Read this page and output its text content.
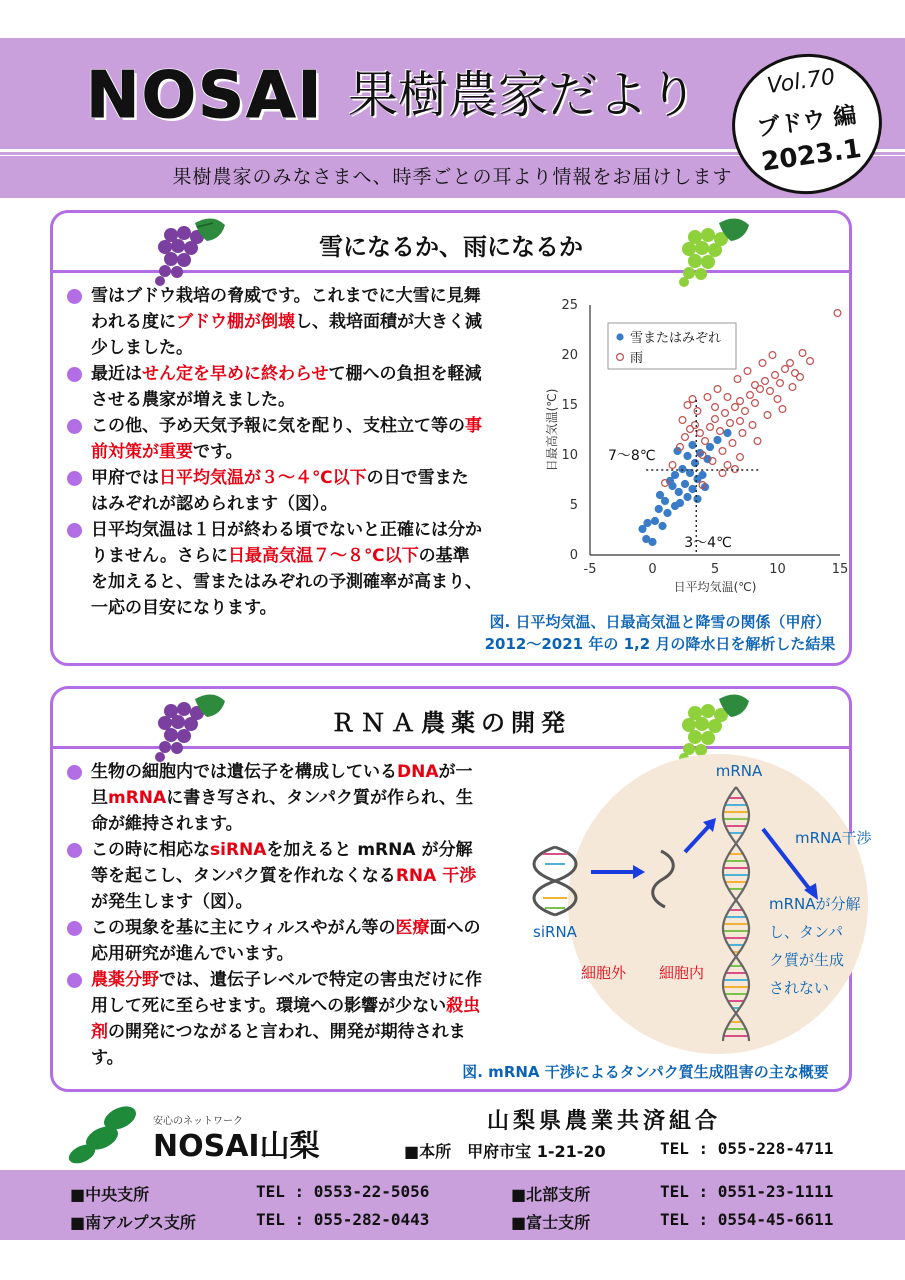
NOSAI 果樹農家だより
果樹農家のみなさまへ、時季ごとの耳より情報をお届けします
Vol.70
ブドウ 編
2023.1
雪になるか、雨になるか
雪はブドウ栽培の脅威です。これまでに大雪に見舞われる度にブドウ棚が倒壊し、栽培面積が大きく減少しました。
最近はせん定を早めに終わらせて棚への負担を軽減させる農家が増えました。
この他、予め天気予報に気を配り、支柱立て等の事前対策が重要です。
甲府では日平均気温が３～４℃以下の日で雪またはみぞれが認められます（図）。
日平均気温は１日が終わる頃でないと正確には分かりません。さらに日最高気温７～８℃以下の基準を加えると、雪またはみぞれの予測確率が高まり、一応の目安になります。
-5	0	5	10	15
0
5
10
15
20
25
日平均気温(℃)
日最高気温(℃)	7～8℃
3～4℃
雪またはみぞれ
雨
図. 日平均気温、日最高気温と降雪の関係（甲府）
2012～2021 年の 1,2 月の降水日を解析した結果
ＲＮＡ農薬の開発
生物の細胞内では遺伝子を構成しているDNAが一旦mRNAに書き写され、タンパク質が作られ、生命が維持されます。
この時に相応なsiRNAを加えると mRNA が分解等を起こし、タンパク質を作れなくなるRNA 干渉が発生します（図）。
この現象を基に主にウィルスやがん等の医療面への応用研究が進んでいます。
農薬分野では、遺伝子レベルで特定の害虫だけに作用して死に至らせます。環境への影響が少ない殺虫剤の開発につながると言われ、開発が期待されます。
mRNA
siRNA
mRNA干渉
mRNAが分解
し、タンパ
ク質が生成
されない
細胞外 細胞内
図. mRNA 干渉によるタンパク質生成阻害の主な概要
安心のネットワーク
NOSAI山梨
山梨県農業共済組合
■本所　甲府市宝 1-21-20	TEL : 055-228-4711
■中央支所	TEL : 0553-22-5056	■北部支所	TEL : 0551-23-1111
■南アルプス支所	TEL : 055-282-0443	■富士支所	TEL : 0554-45-6611
